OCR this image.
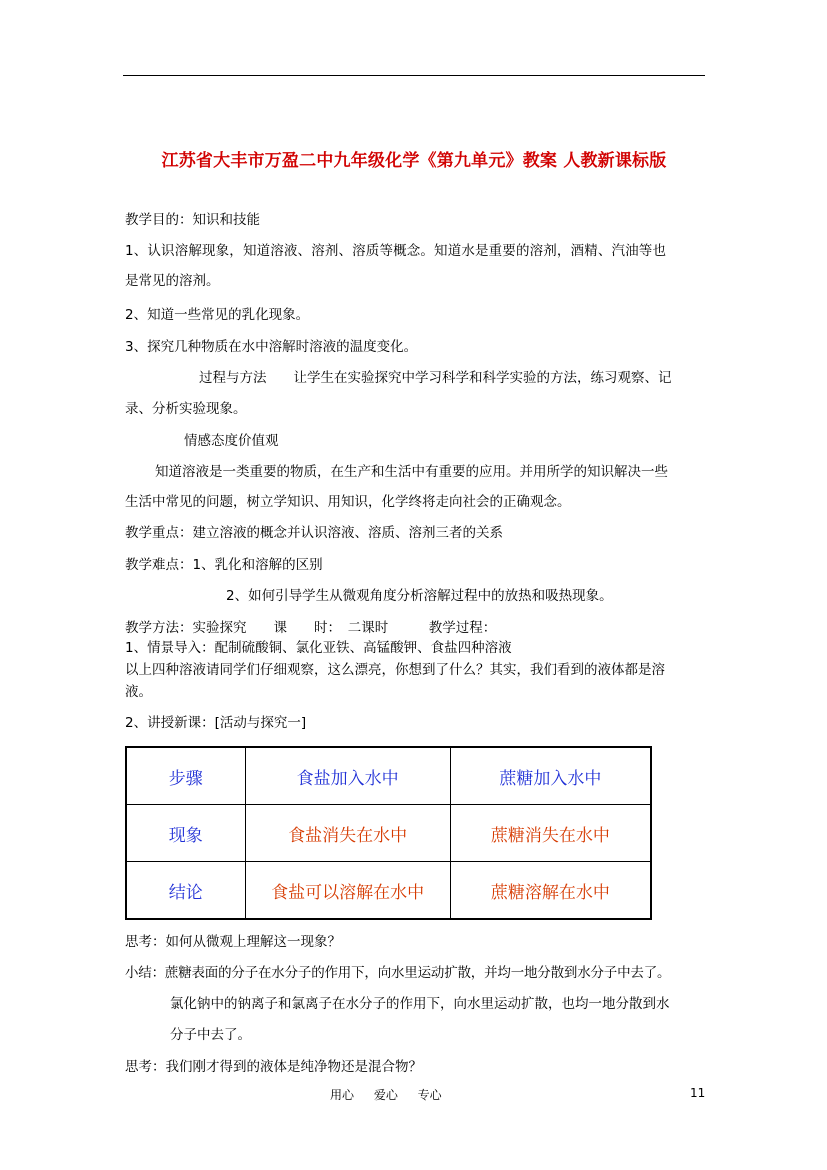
江苏省大丰市万盈二中九年级化学《第九单元》教案 人教新课标版
教学目的：知识和技能
1、认识溶解现象，知道溶液、溶剂、溶质等概念。知道水是重要的溶剂，酒精、汽油等也
是常见的溶剂。
2、知道一些常见的乳化现象。
3、探究几种物质在水中溶解时溶液的温度变化。
过程与方法　　让学生在实验探究中学习科学和科学实验的方法，练习观察、记
录、分析实验现象。
情感态度价值观
知道溶液是一类重要的物质，在生产和生活中有重要的应用。并用所学的知识解决一些
生活中常见的问题，树立学知识、用知识，化学终将走向社会的正确观念。
教学重点：建立溶液的概念并认识溶液、溶质、溶剂三者的关系
教学难点：1、乳化和溶解的区别
2、如何引导学生从微观角度分析溶解过程中的放热和吸热现象。
教学方法：实验探究　　课　　时：　二课时　　　教学过程：
1、情景导入：配制硫酸铜、氯化亚铁、高锰酸钾、食盐四种溶液
以上四种溶液请同学们仔细观察，这么漂亮，你想到了什么？其实，我们看到的液体都是溶
液。
2、讲授新课：[活动与探究一]
步骤	食盐加入水中	蔗糖加入水中
现象	食盐消失在水中	蔗糖消失在水中
结论	食盐可以溶解在水中	蔗糖溶解在水中
思考：如何从微观上理解这一现象？
小结：蔗糖表面的分子在水分子的作用下，向水里运动扩散，并均一地分散到水分子中去了。
氯化钠中的钠离子和氯离子在水分子的作用下，向水里运动扩散，也均一地分散到水
分子中去了。
思考：我们刚才得到的液体是纯净物还是混合物？
用心 爱心 专心	11
